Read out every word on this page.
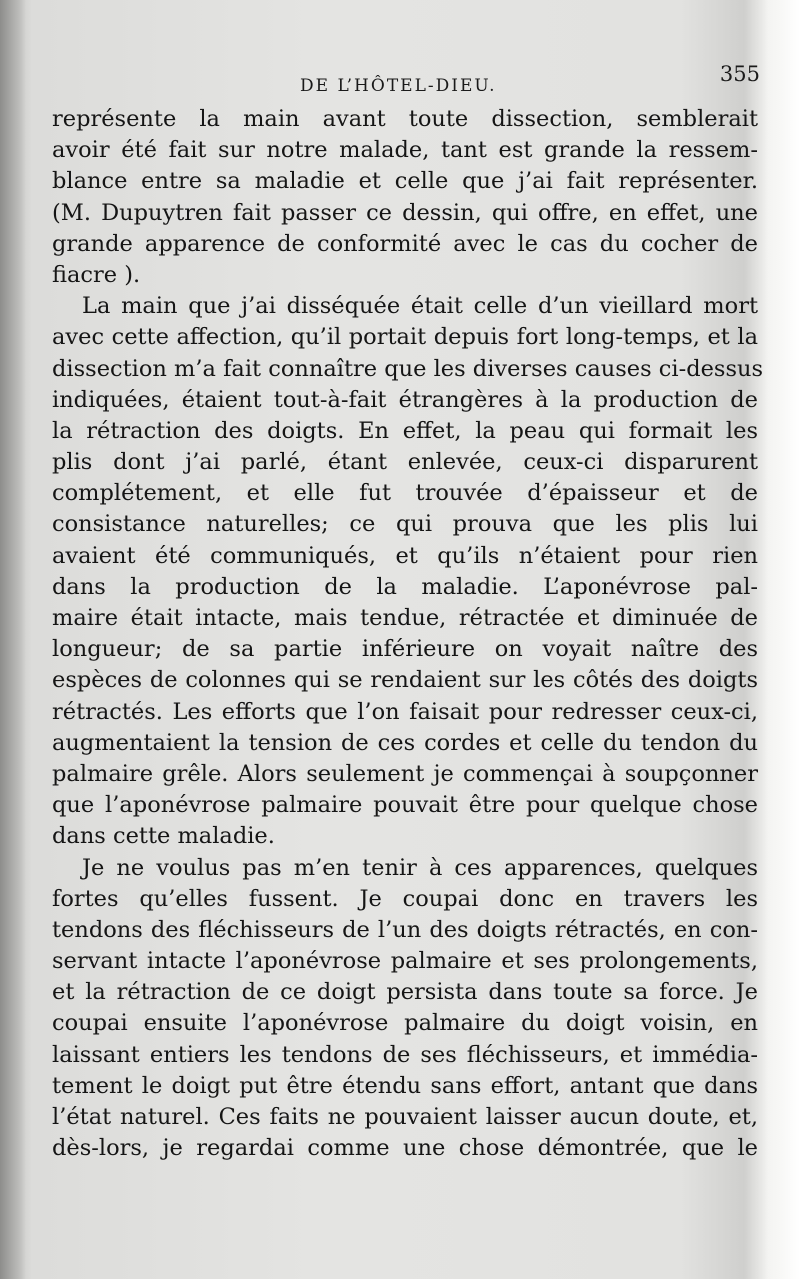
DE L’HÔTEL-DIEU.	355
représente la main avant toute dissection, semblerait
avoir été fait sur notre malade, tant est grande la ressem-
blance entre sa maladie et celle que j’ai fait représenter.
(M. Dupuytren fait passer ce dessin, qui offre, en effet, une
grande apparence de conformité avec le cas du cocher de
fiacre ).
La main que j’ai disséquée était celle d’un vieillard mort
avec cette affection, qu’il portait depuis fort long-temps, et la
dissection m’a fait connaître que les diverses causes ci-dessus
indiquées, étaient tout-à-fait étrangères à la production de
la rétraction des doigts. En effet, la peau qui formait les
plis dont j’ai parlé, étant enlevée, ceux-ci disparurent
complétement, et elle fut trouvée d’épaisseur et de
consistance naturelles; ce qui prouva que les plis lui
avaient été communiqués, et qu’ils n’étaient pour rien
dans la production de la maladie. L’aponévrose pal-
maire était intacte, mais tendue, rétractée et diminuée de
longueur; de sa partie inférieure on voyait naître des
espèces de colonnes qui se rendaient sur les côtés des doigts
rétractés. Les efforts que l’on faisait pour redresser ceux-ci,
augmentaient la tension de ces cordes et celle du tendon du
palmaire grêle. Alors seulement je commençai à soupçonner
que l’aponévrose palmaire pouvait être pour quelque chose
dans cette maladie.
Je ne voulus pas m’en tenir à ces apparences, quelques
fortes qu’elles fussent. Je coupai donc en travers les
tendons des fléchisseurs de l’un des doigts rétractés, en con-
servant intacte l’aponévrose palmaire et ses prolongements,
et la rétraction de ce doigt persista dans toute sa force. Je
coupai ensuite l’aponévrose palmaire du doigt voisin, en
laissant entiers les tendons de ses fléchisseurs, et immédia-
tement le doigt put être étendu sans effort, antant que dans
l’état naturel. Ces faits ne pouvaient laisser aucun doute, et,
dès-lors, je regardai comme une chose démontrée, que le
